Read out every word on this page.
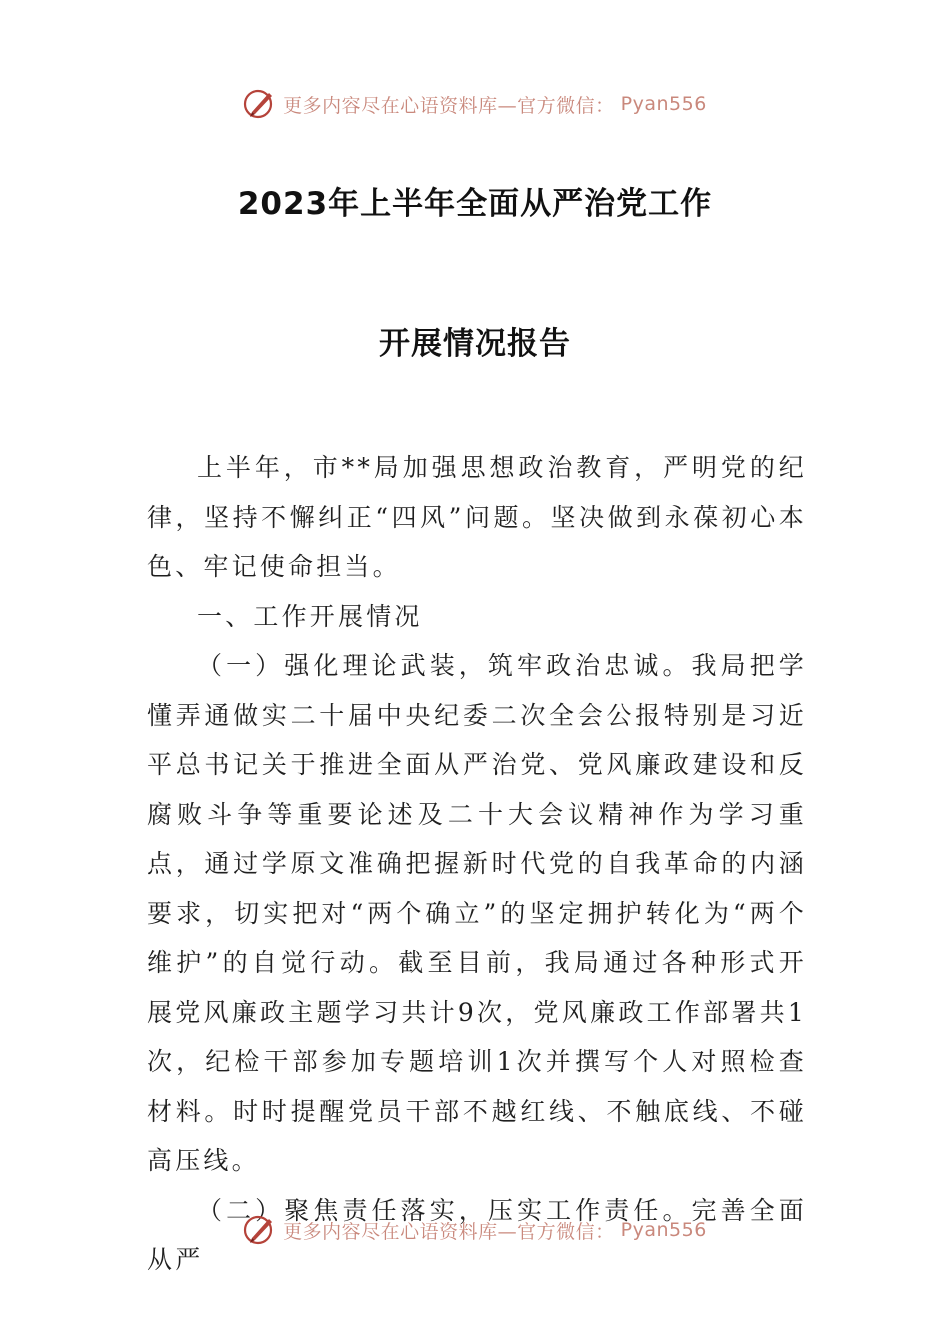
更多内容尽在心语资料库—官方微信： Pyan556
2023年上半年全面从严治党工作
开展情况报告

上半年，市**局加强思想政治教育，严明党的纪律，坚持不懈纠正“四风”问题。坚决做到永葆初心本色、牢记使命担当。

一、工作开展情况

（一）强化理论武装，筑牢政治忠诚。我局把学懂弄通做实二十届中央纪委二次全会公报特别是习近平总书记关于推进全面从严治党、党风廉政建设和反腐败斗争等重要论述及二十大会议精神作为学习重点，通过学原文准确把握新时代党的自我革命的内涵要求，切实把对“两个确立”的坚定拥护转化为“两个维护”的自觉行动。截至目前，我局通过各种形式开展党风廉政主题学习共计9次，党风廉政工作部署共1次，纪检干部参加专题培训1次并撰写个人对照检查材料。时时提醒党员干部不越红线、不触底线、不碰高压线。

（二）聚焦责任落实，压实工作责任。完善全面从严

更多内容尽在心语资料库—官方微信： Pyan556
